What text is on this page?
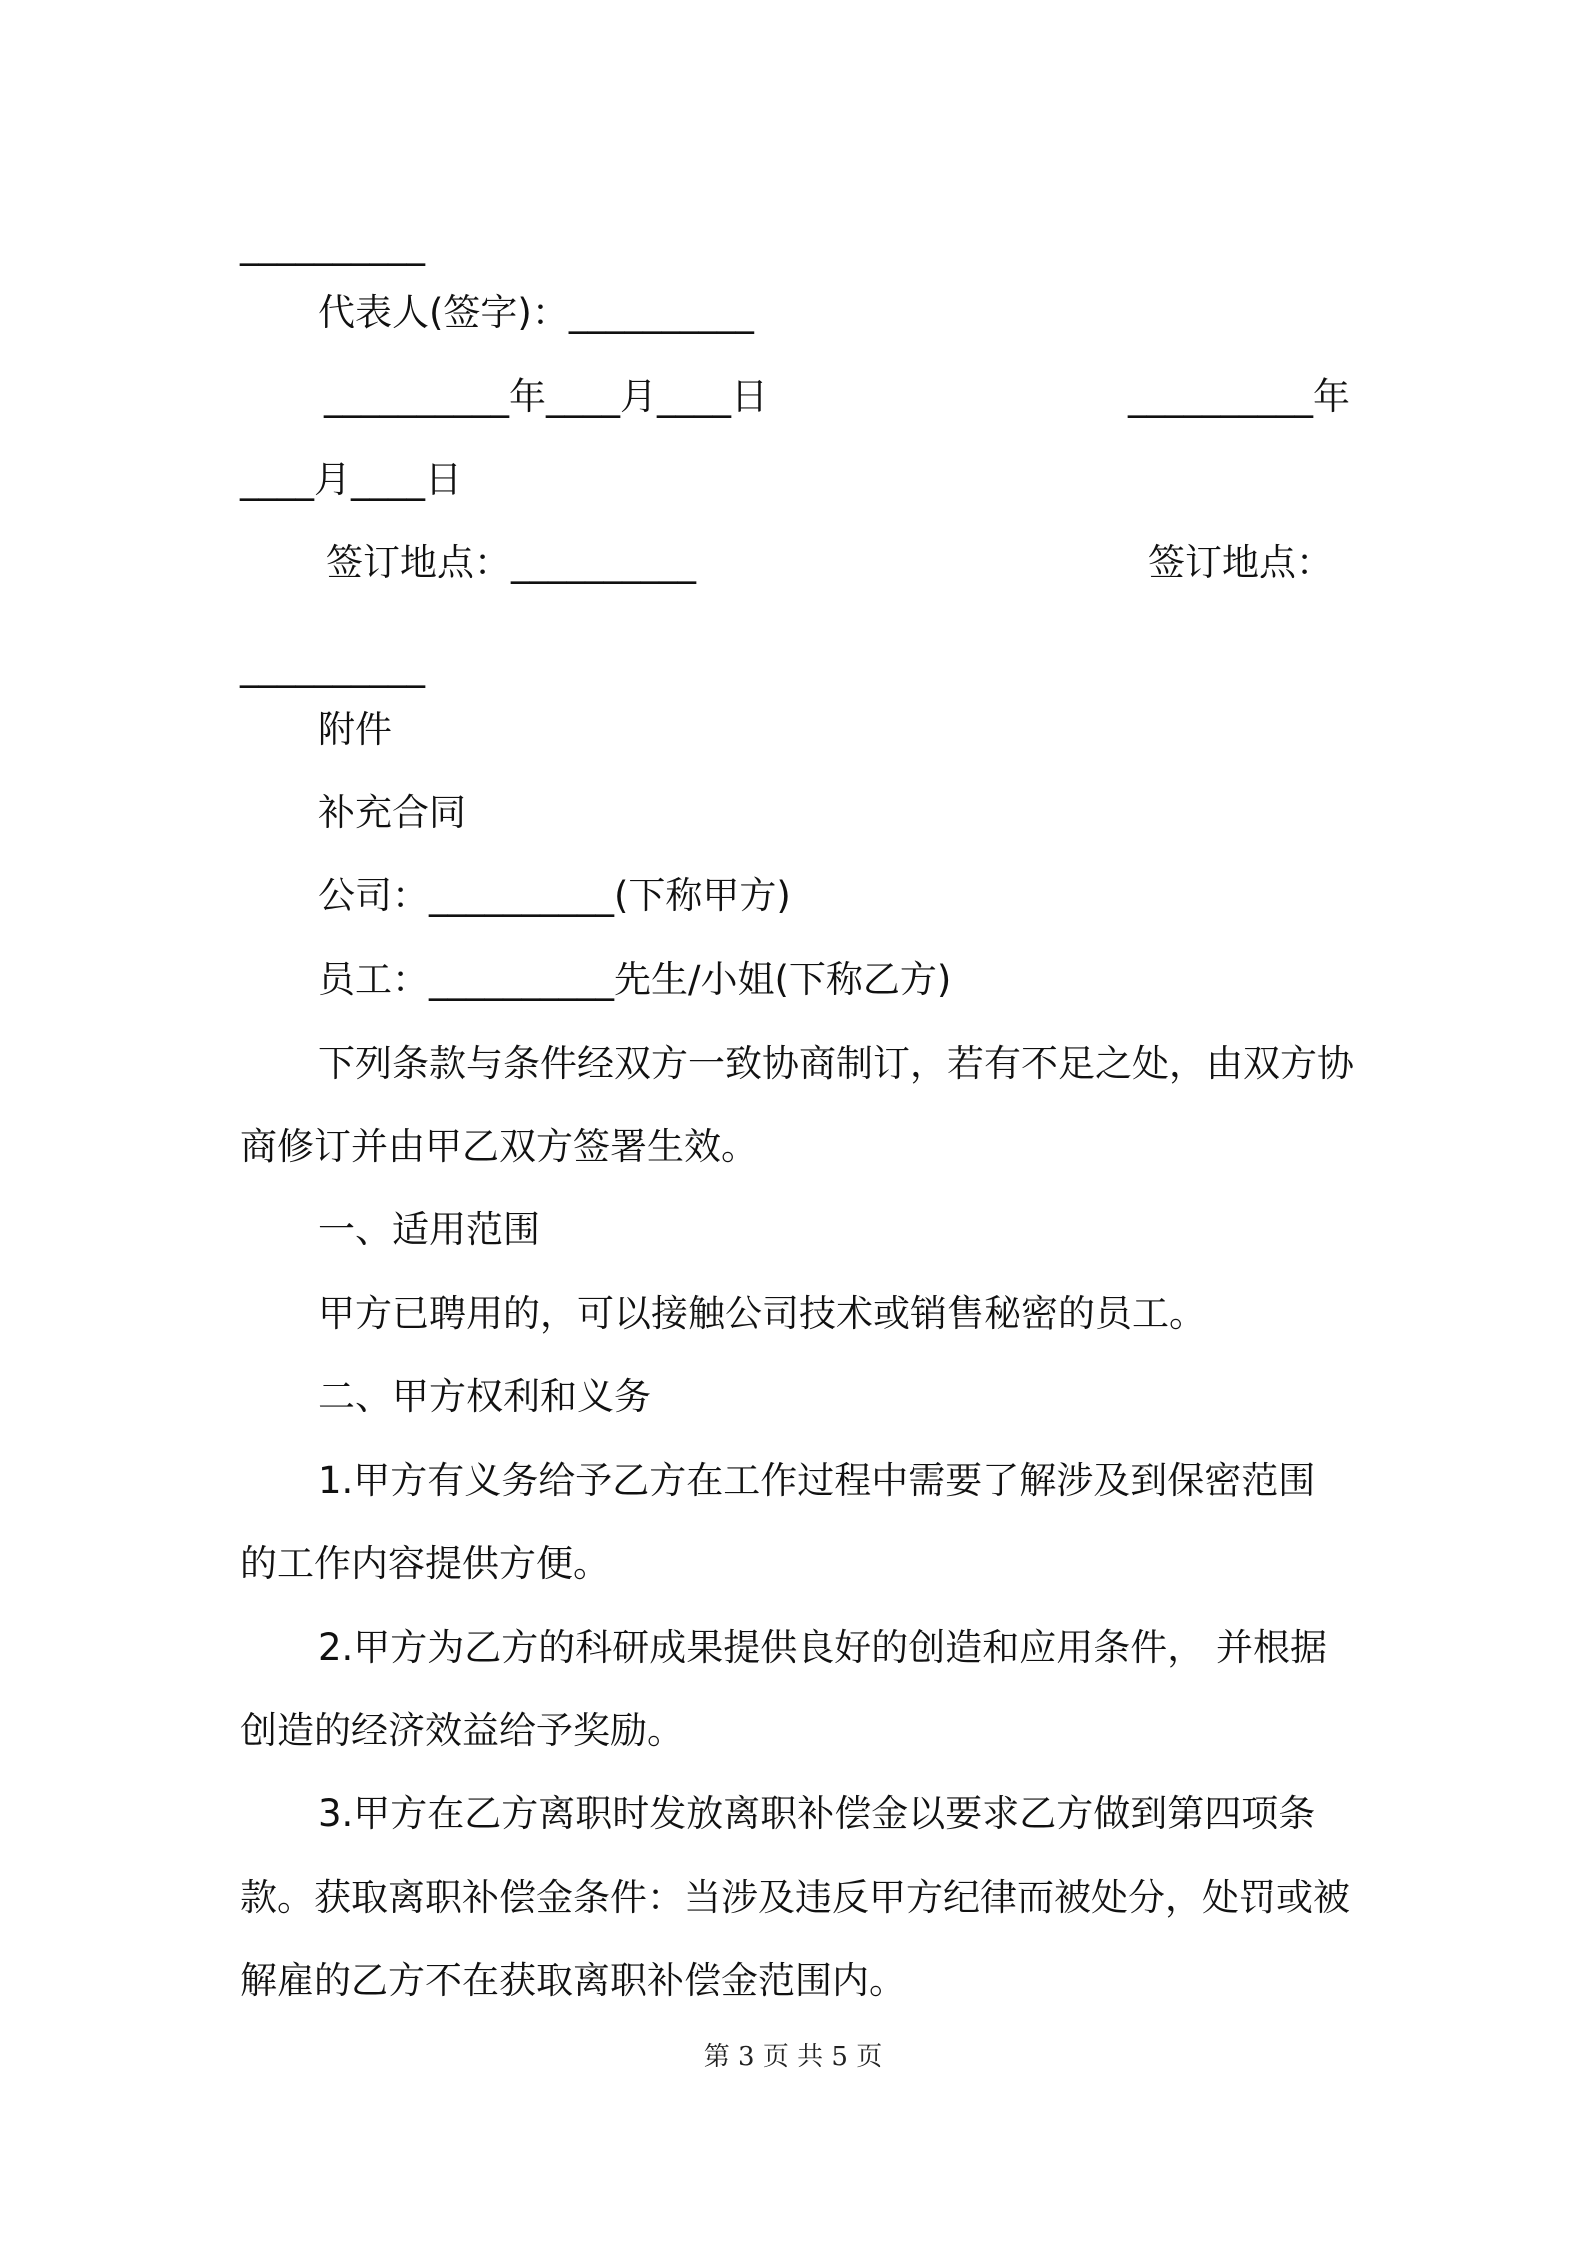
__________

代表人(签字)：__________

__________年____月____日	__________年

____月____日

签订地点：__________	签订地点：

__________

附件

补充合同

公司：__________(下称甲方)

员工：__________先生/小姐(下称乙方)

下列条款与条件经双方一致协商制订，若有不足之处，由双方协

商修订并由甲乙双方签署生效。

一、适用范围

甲方已聘用的，可以接触公司技术或销售秘密的员工。

二、甲方权利和义务

1.甲方有义务给予乙方在工作过程中需要了解涉及到保密范围

的工作内容提供方便。

2.甲方为乙方的科研成果提供良好的创造和应用条件， 并根据

创造的经济效益给予奖励。

3.甲方在乙方离职时发放离职补偿金以要求乙方做到第四项条

款。获取离职补偿金条件：当涉及违反甲方纪律而被处分，处罚或被

解雇的乙方不在获取离职补偿金范围内。

第 3 页 共 5 页
